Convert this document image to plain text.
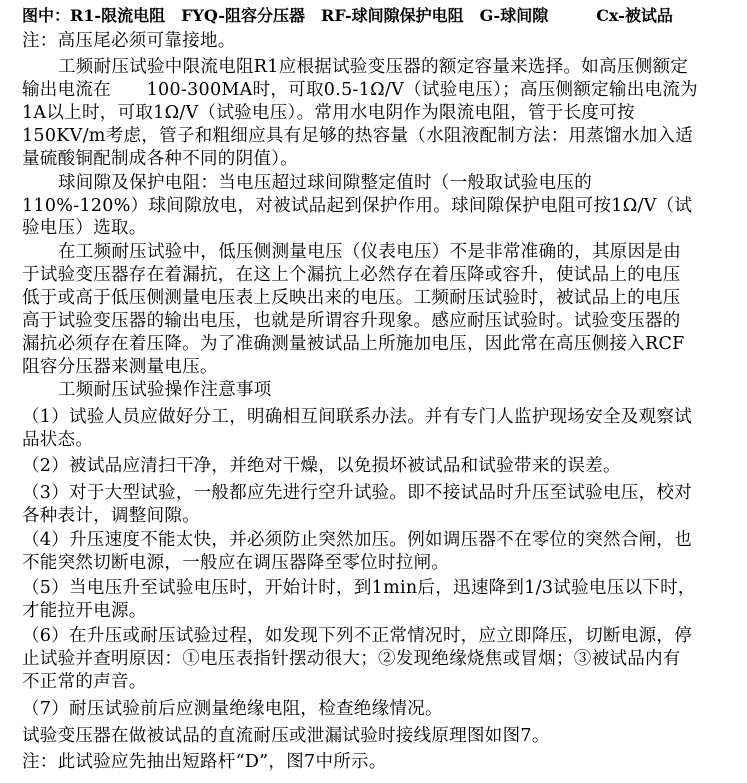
图中：R1-限流电阻　FYQ-阻容分压器　RF-球间隙保护电阻　G-球间隙　　　Cx-被试品
注：高压尾必须可靠接地。
工频耐压试验中限流电阻R1应根据试验变压器的额定容量来选择。如高压侧额定
输出电流在　　100-300MA时，可取0.5-1Ω/V（试验电压）；高压侧额定输出电流为
1A以上时，可取1Ω/V（试验电压）。常用水电阴作为限流电阻，管于长度可按
150KV/m考虑，管子和粗细应具有足够的热容量（水阻液配制方法：用蒸馏水加入适
量硫酸铜配制成各种不同的阴值）。
球间隙及保护电阻：当电压超过球间隙整定值时（一般取试验电压的
110%-120%）球间隙放电，对被试品起到保护作用。球间隙保护电阻可按1Ω/V（试
验电压）选取。
在工频耐压试验中，低压侧测量电压（仪表电压）不是非常准确的，其原因是由
于试验变压器存在着漏抗，在这上个漏抗上必然存在着压降或容升，使试品上的电压
低于或高于低压侧测量电压表上反映出来的电压。工频耐压试验时，被试品上的电压
高于试验变压器的输出电压，也就是所谓容升现象。感应耐压试验时。试验变压器的
漏抗必须存在着压降。为了准确测量被试品上所施加电压，因此常在高压侧接入RCF
阻容分压器来测量电压。
工频耐压试验操作注意事项
（1）试验人员应做好分工，明确相互间联系办法。并有专门人监护现场安全及观察试
品状态。
（2）被试品应清扫干净，并绝对干燥，以免损坏被试品和试验带来的误差。
（3）对于大型试验，一般都应先进行空升试验。即不接试品时升压至试验电压，校对
各种表计，调整间隙。
（4）升压速度不能太快，并必须防止突然加压。例如调压器不在零位的突然合闸，也
不能突然切断电源，一般应在调压器降至零位时拉闸。
（5）当电压升至试验电压时，开始计时，到1min后，迅速降到1/3试验电压以下时，
才能拉开电源。
（6）在升压或耐压试验过程，如发现下列不正常情况时，应立即降压，切断电源，停
止试验并查明原因：①电压表指针摆动很大；②发现绝缘烧焦或冒烟；③被试品内有
不正常的声音。
（7）耐压试验前后应测量绝缘电阻，检查绝缘情况。
试验变压器在做被试品的直流耐压或泄漏试验时接线原理图如图7。
注：此试验应先抽出短路杆“D”，图7中所示。
